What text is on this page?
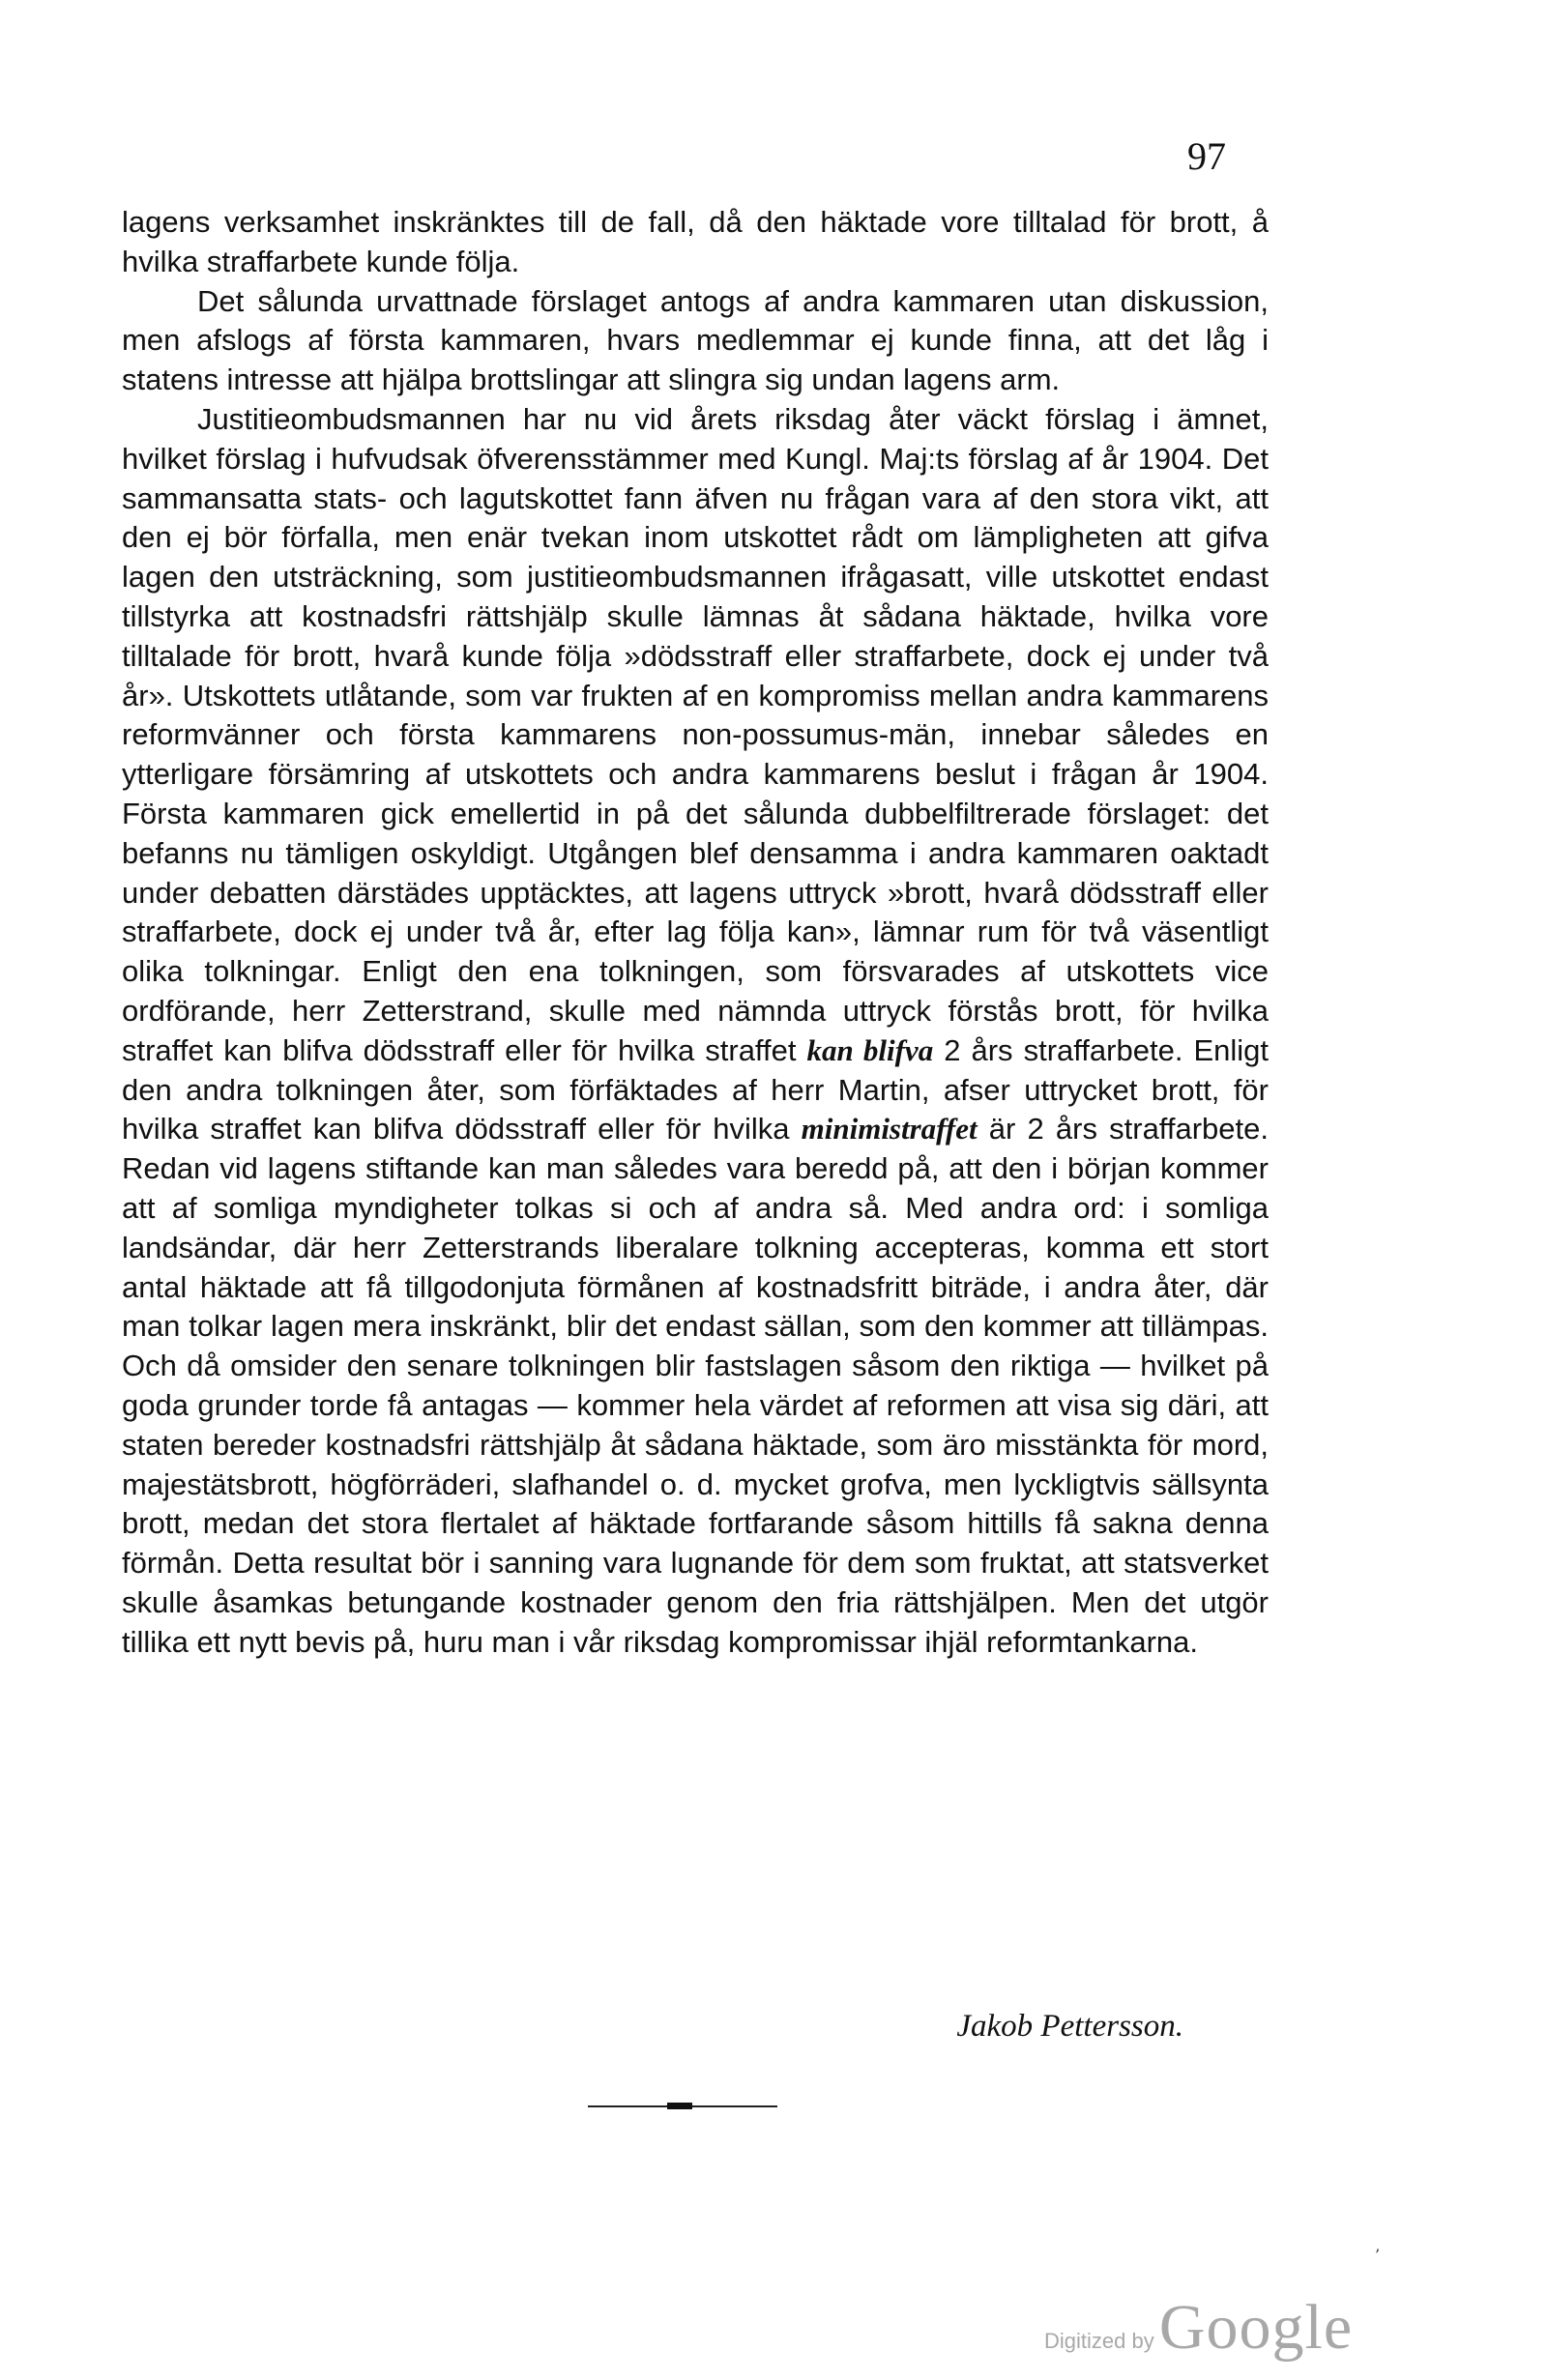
97

lagens verksamhet inskränktes till de fall, då den häktade vore tilltalad för brott, å hvilka straffarbete kunde följa.

Det sålunda urvattnade förslaget antogs af andra kammaren utan diskussion, men afslogs af första kammaren, hvars medlemmar ej kunde finna, att det låg i statens intresse att hjälpa brottslingar att slingra sig undan lagens arm.

Justitieombudsmannen har nu vid årets riksdag åter väckt förslag i ämnet, hvilket förslag i hufvudsak öfverensstämmer med Kungl. Maj:ts förslag af år 1904. Det sammansatta stats- och lagutskottet fann äfven nu frågan vara af den stora vikt, att den ej bör förfalla, men enär tvekan inom utskottet rådt om lämpligheten att gifva lagen den utsträckning, som justitieombudsmannen ifrågasatt, ville utskottet endast tillstyrka att kostnadsfri rättshjälp skulle lämnas åt sådana häktade, hvilka vore tilltalade för brott, hvarå kunde följa »dödsstraff eller straffarbete, dock ej under två år». Utskottets utlåtande, som var frukten af en kompromiss mellan andra kammarens reformvänner och första kammarens non-possumus-män, innebar således en ytterligare försämring af utskottets och andra kammarens beslut i frågan år 1904. Första kammaren gick emellertid in på det sålunda dubbelfiltrerade förslaget: det befanns nu tämligen oskyldigt. Utgången blef densamma i andra kammaren oaktadt under debatten därstädes upptäcktes, att lagens uttryck »brott, hvarå dödsstraff eller straffarbete, dock ej under två år, efter lag följa kan», lämnar rum för två väsentligt olika tolkningar. Enligt den ena tolkningen, som försvarades af utskottets vice ordförande, herr Zetterstrand, skulle med nämnda uttryck förstås brott, för hvilka straffet kan blifva dödsstraff eller för hvilka straffet kan blifva 2 års straffarbete. Enligt den andra tolkningen åter, som förfäktades af herr Martin, afser uttrycket brott, för hvilka straffet kan blifva dödsstraff eller för hvilka minimistraffet är 2 års straffarbete. Redan vid lagens stiftande kan man således vara beredd på, att den i början kommer att af somliga myndigheter tolkas si och af andra så. Med andra ord: i somliga landsändar, där herr Zetterstrands liberalare tolkning accepteras, komma ett stort antal häktade att få tillgodonjuta förmånen af kostnadsfritt biträde, i andra åter, där man tolkar lagen mera inskränkt, blir det endast sällan, som den kommer att tillämpas. Och då omsider den senare tolkningen blir fastslagen såsom den riktiga — hvilket på goda grunder torde få antagas — kommer hela värdet af reformen att visa sig däri, att staten bereder kostnadsfri rättshjälp åt sådana häktade, som äro misstänkta för mord, majestätsbrott, högförräderi, slafhandel o. d. mycket grofva, men lyckligtvis sällsynta brott, medan det stora flertalet af häktade fortfarande såsom hittills få sakna denna förmån. Detta resultat bör i sanning vara lugnande för dem som fruktat, att statsverket skulle åsamkas betungande kostnader genom den fria rättshjälpen. Men det utgör tillika ett nytt bevis på, huru man i vår riksdag kompromissar ihjäl reformtankarna.

Jakob Pettersson.
’
Digitized by Google
